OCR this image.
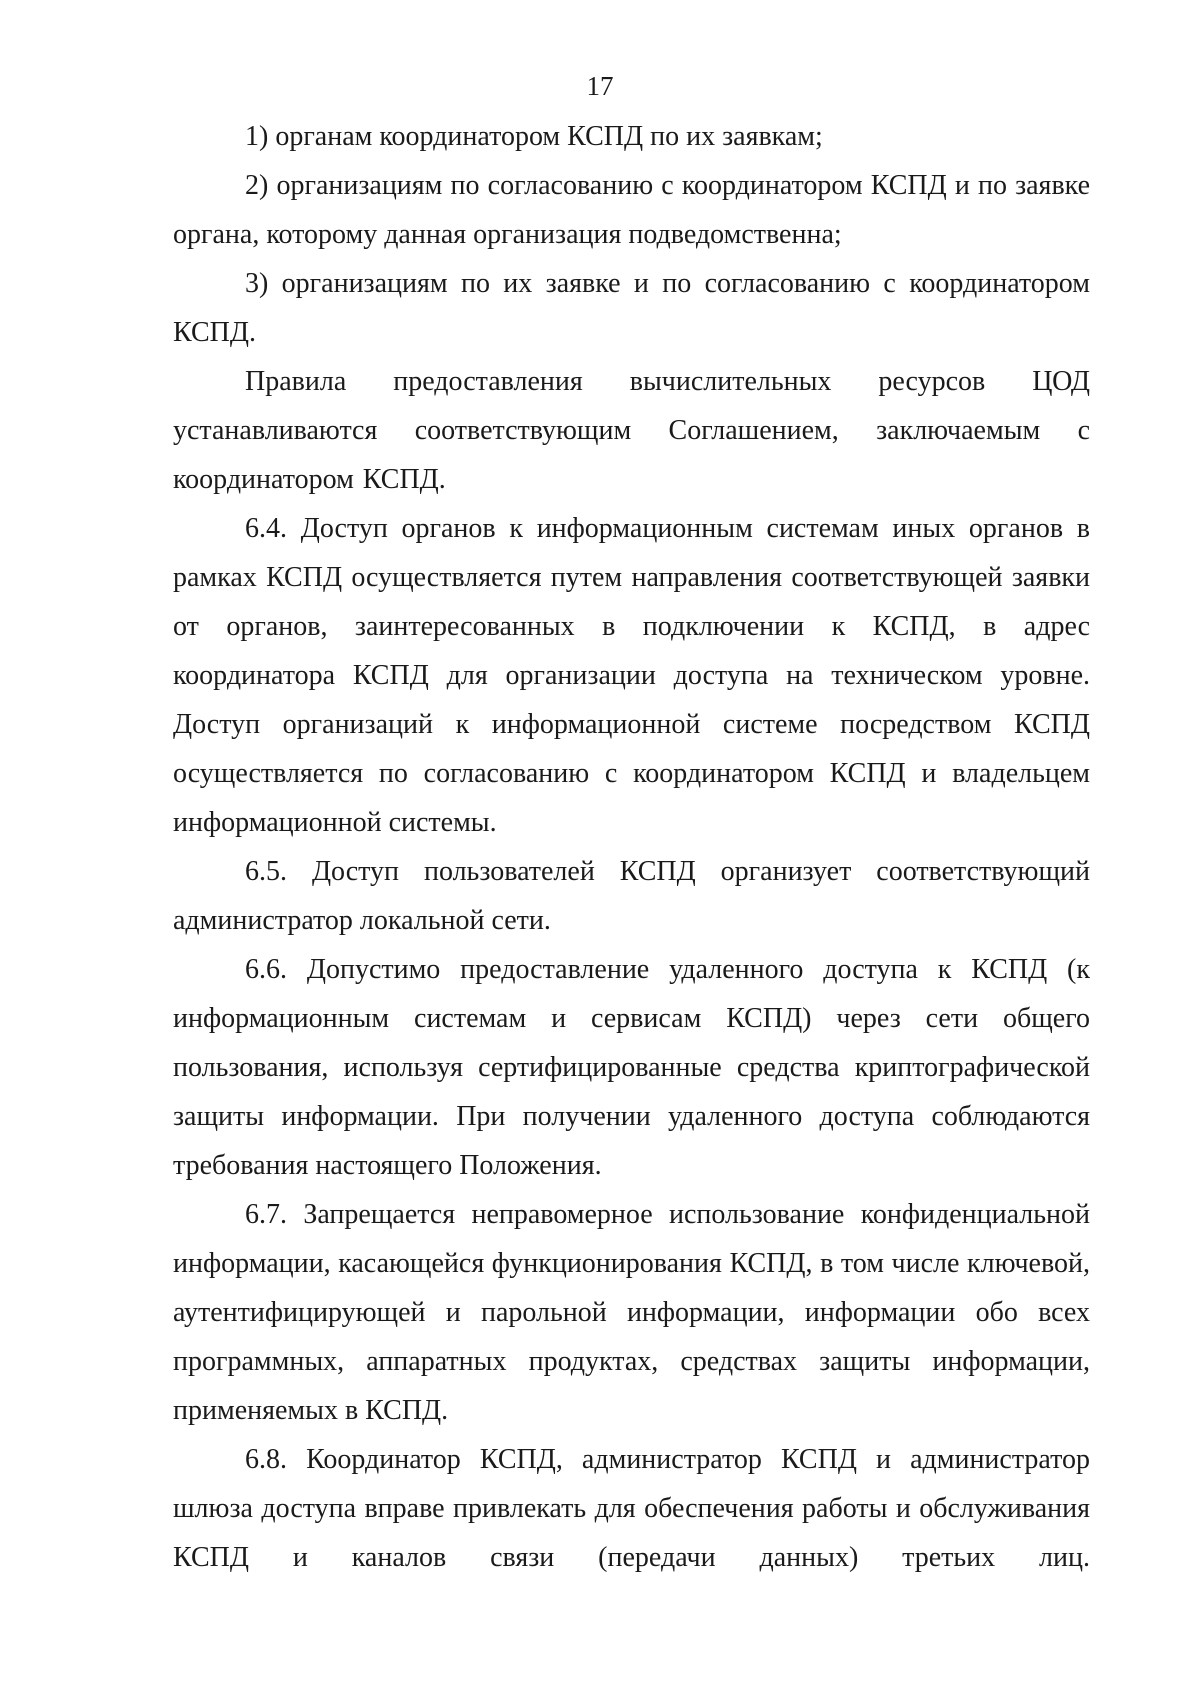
17

1) органам координатором КСПД по их заявкам;

2) организациям по согласованию с координатором КСПД и по заявке органа, которому данная организация подведомственна;

3) организациям по их заявке и по согласованию с координатором КСПД.

Правила предоставления вычислительных ресурсов ЦОД устанавливаются соответствующим Соглашением, заключаемым с координатором КСПД.

6.4. Доступ органов к информационным системам иных органов в рамках КСПД осуществляется путем направления соответствующей заявки от органов, заинтересованных в подключении к КСПД, в адрес координатора КСПД для организации доступа на техническом уровне. Доступ организаций к информационной системе посредством КСПД осуществляется по согласованию с координатором КСПД и владельцем информационной системы.

6.5. Доступ пользователей КСПД организует соответствующий администратор локальной сети.

6.6. Допустимо предоставление удаленного доступа к КСПД (к информационным системам и сервисам КСПД) через сети общего пользования, используя сертифицированные средства криптографической защиты информации. При получении удаленного доступа соблюдаются требования настоящего Положения.

6.7. Запрещается неправомерное использование конфиденциальной информации, касающейся функционирования КСПД, в том числе ключевой, аутентифицирующей и парольной информации, информации обо всех программных, аппаратных продуктах, средствах защиты информации, применяемых в КСПД.

6.8. Координатор КСПД, администратор КСПД и администратор шлюза доступа вправе привлекать для обеспечения работы и обслуживания КСПД и каналов связи (передачи данных) третьих лиц.
